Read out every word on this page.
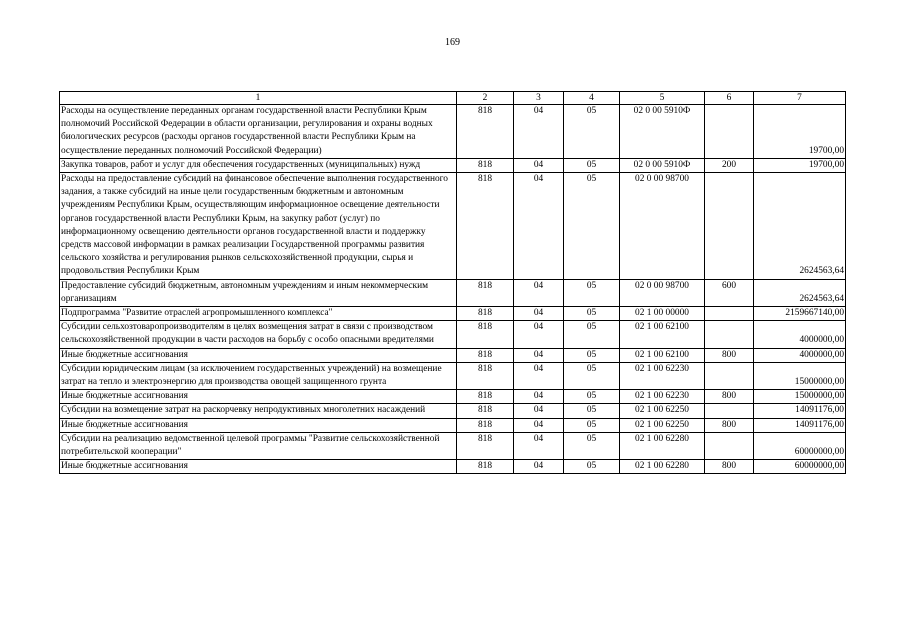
169
1	2	3	4	5	6	7
Расходы на осуществление переданных органам государственной власти Республики Крым полномочий Российской Федерации в области организации, регулирования и охраны водных биологических ресурсов (расходы органов государственной власти Республики Крым на осуществление переданных полномочий Российской Федерации)	818	04	05	02 0 00 5910Ф		19700,00
Закупка товаров, работ и услуг для обеспечения государственных (муниципальных) нужд	818	04	05	02 0 00 5910Ф	200	19700,00
Расходы на предоставление субсидий на финансовое обеспечение выполнения государственного задания, а также субсидий на иные цели государственным бюджетным и автономным учреждениям Республики Крым, осуществляющим информационное освещение деятельности органов государственной власти Республики Крым, на закупку работ (услуг) по информационному освещению деятельности органов государственной власти и поддержку средств массовой информации в рамках реализации Государственной программы развития сельского хозяйства и регулирования рынков сельскохозяйственной продукции, сырья и продовольствия Республики Крым	818	04	05	02 0 00 98700		2624563,64
Предоставление субсидий бюджетным, автономным учреждениям и иным некоммерческим организациям	818	04	05	02 0 00 98700	600	2624563,64
Подпрограмма "Развитие отраслей агропромышленного комплекса"	818	04	05	02 1 00 00000		2159667140,00
Субсидии сельхозтоваропроизводителям в целях возмещения затрат в связи с производством сельскохозяйственной продукции в части расходов на борьбу с особо опасными вредителями	818	04	05	02 1 00 62100		4000000,00
Иные бюджетные ассигнования	818	04	05	02 1 00 62100	800	4000000,00
Субсидии юридическим лицам (за исключением государственных учреждений) на возмещение затрат на тепло и электроэнергию для производства овощей защищенного грунта	818	04	05	02 1 00 62230		15000000,00
Иные бюджетные ассигнования	818	04	05	02 1 00 62230	800	15000000,00
Субсидии на возмещение затрат на раскорчевку непродуктивных многолетних насаждений	818	04	05	02 1 00 62250		14091176,00
Иные бюджетные ассигнования	818	04	05	02 1 00 62250	800	14091176,00
Субсидии на реализацию ведомственной целевой программы "Развитие сельскохозяйственной потребительской кооперации"	818	04	05	02 1 00 62280		60000000,00
Иные бюджетные ассигнования	818	04	05	02 1 00 62280	800	60000000,00
